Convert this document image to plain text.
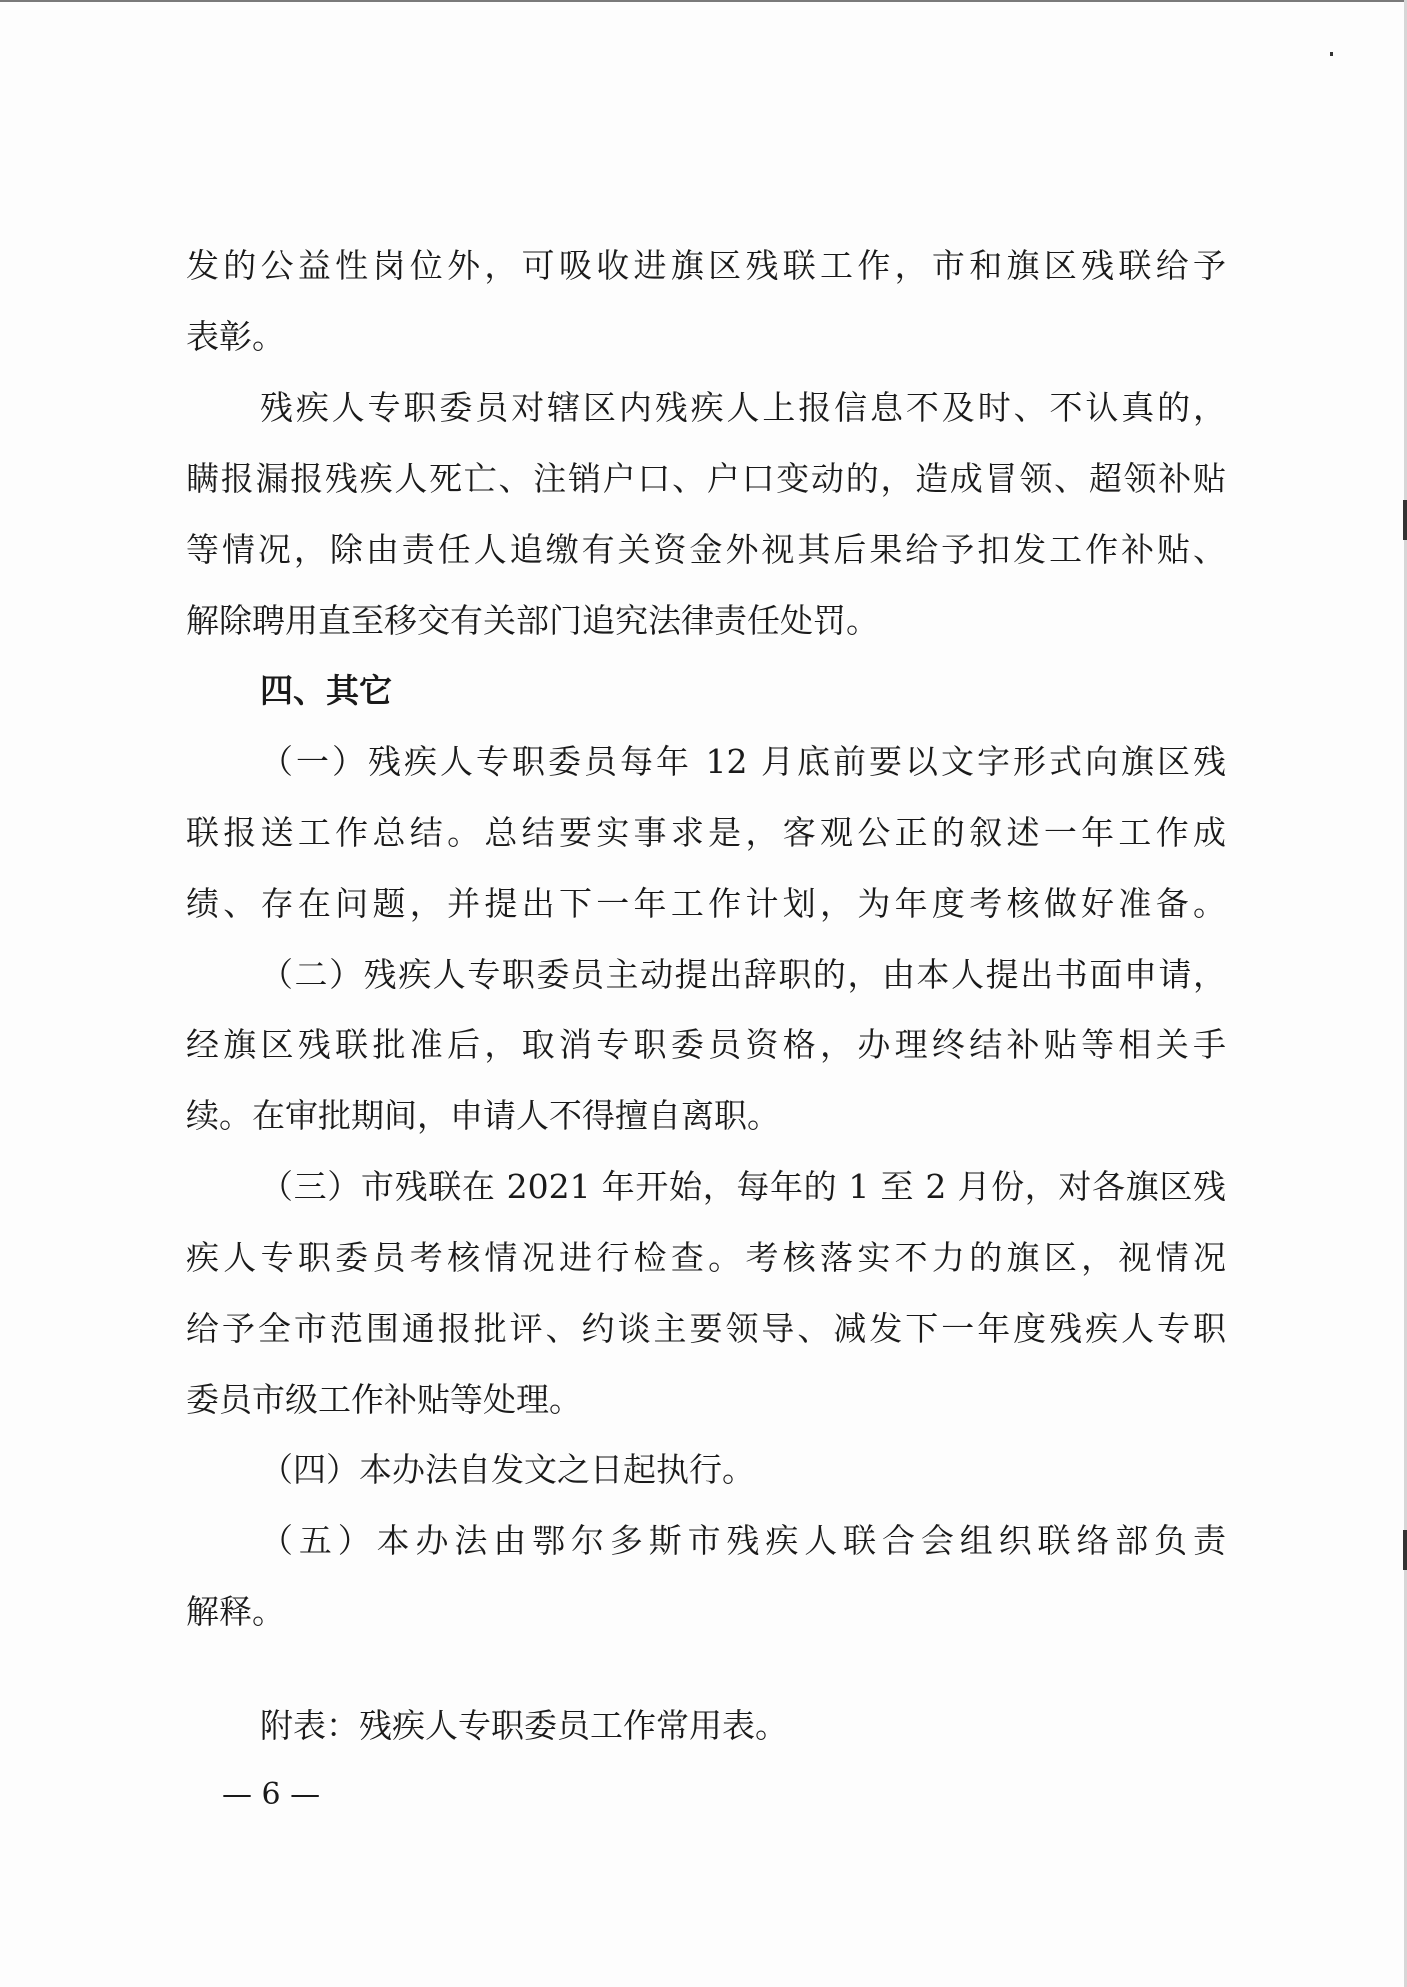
发的公益性岗位外，可吸收进旗区残联工作，市和旗区残联给予
表彰。
残疾人专职委员对辖区内残疾人上报信息不及时、不认真的，
瞒报漏报残疾人死亡、注销户口、户口变动的，造成冒领、超领补贴
等情况，除由责任人追缴有关资金外视其后果给予扣发工作补贴、
解除聘用直至移交有关部门追究法律责任处罚。
四、其它
（一）残疾人专职委员每年 12 月底前要以文字形式向旗区残
联报送工作总结。总结要实事求是，客观公正的叙述一年工作成
绩、存在问题，并提出下一年工作计划，为年度考核做好准备。
（二）残疾人专职委员主动提出辞职的，由本人提出书面申请，
经旗区残联批准后，取消专职委员资格，办理终结补贴等相关手
续。在审批期间，申请人不得擅自离职。
（三）市残联在 2021 年开始，每年的 1 至 2 月份，对各旗区残
疾人专职委员考核情况进行检查。考核落实不力的旗区，视情况
给予全市范围通报批评、约谈主要领导、减发下一年度残疾人专职
委员市级工作补贴等处理。
（四）本办法自发文之日起执行。
（五）本办法由鄂尔多斯市残疾人联合会组织联络部负责
解释。
附表：残疾人专职委员工作常用表。
— 6 —
